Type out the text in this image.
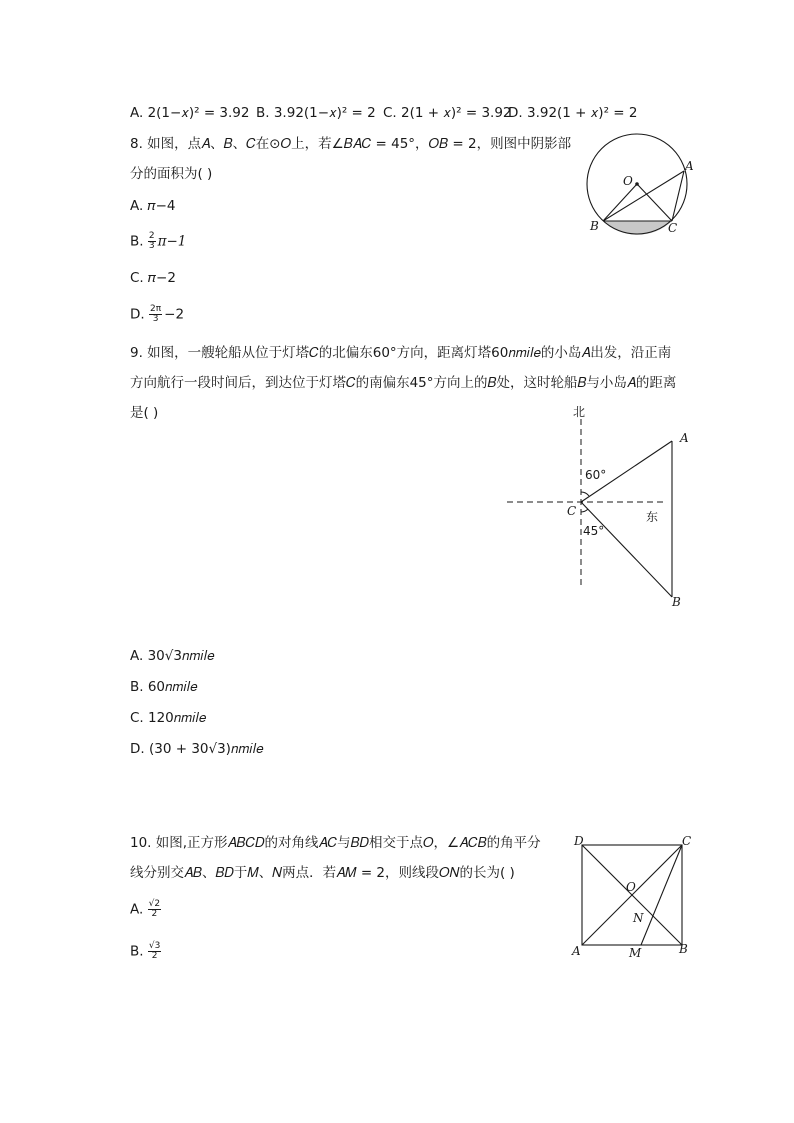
A. 2(1−𝑥)² = 3.92 B. 3.92(1−𝑥)² = 2 C. 2(1 + 𝑥)² = 3.92
D. 3.92(1 + 𝑥)² = 2
8. 如图，点𝐴、𝐵、𝐶在⊙𝑂上，若∠𝐵𝐴𝐶 = 45°，𝑂𝐵 = 2，则图中阴影部
分的面积为( )
A. 𝜋−4
B. $\frac{2}{3}$ 𝜋−1
C. 𝜋−2
D. $\frac{2\pi}{3} -2$
O
A
B	C
9. 如图，一艘轮船从位于灯塔𝐶的北偏东60°方向，距离灯塔60𝑛𝑚𝑖𝑙𝑒的小岛𝐴出发，沿正南
方向航行一段时间后，到达位于灯塔𝐶的南偏东45°方向上的𝐵处，这时轮船𝐵与小岛𝐴的距离
是( )	北
东
A
B
C
60°
45°
A. 30√3𝑛𝑚𝑖𝑙𝑒
B. 60𝑛𝑚𝑖𝑙𝑒
C. 120𝑛𝑚𝑖𝑙𝑒
D. (30 + 30√3)𝑛𝑚𝑖𝑙𝑒
10. 如图,正方形𝐴𝐵𝐶𝐷的对角线𝐴𝐶与𝐵𝐷相交于点𝑂，∠𝐴𝐶𝐵的角平分
线分别交𝐴𝐵、𝐵𝐷于𝑀、𝑁两点．若𝐴𝑀 = 2，则线段𝑂𝑁的长为( )
A. $\frac{√2}{2}$
B. $\frac{√3}{2}$
D	C
A	B
O
N
M
